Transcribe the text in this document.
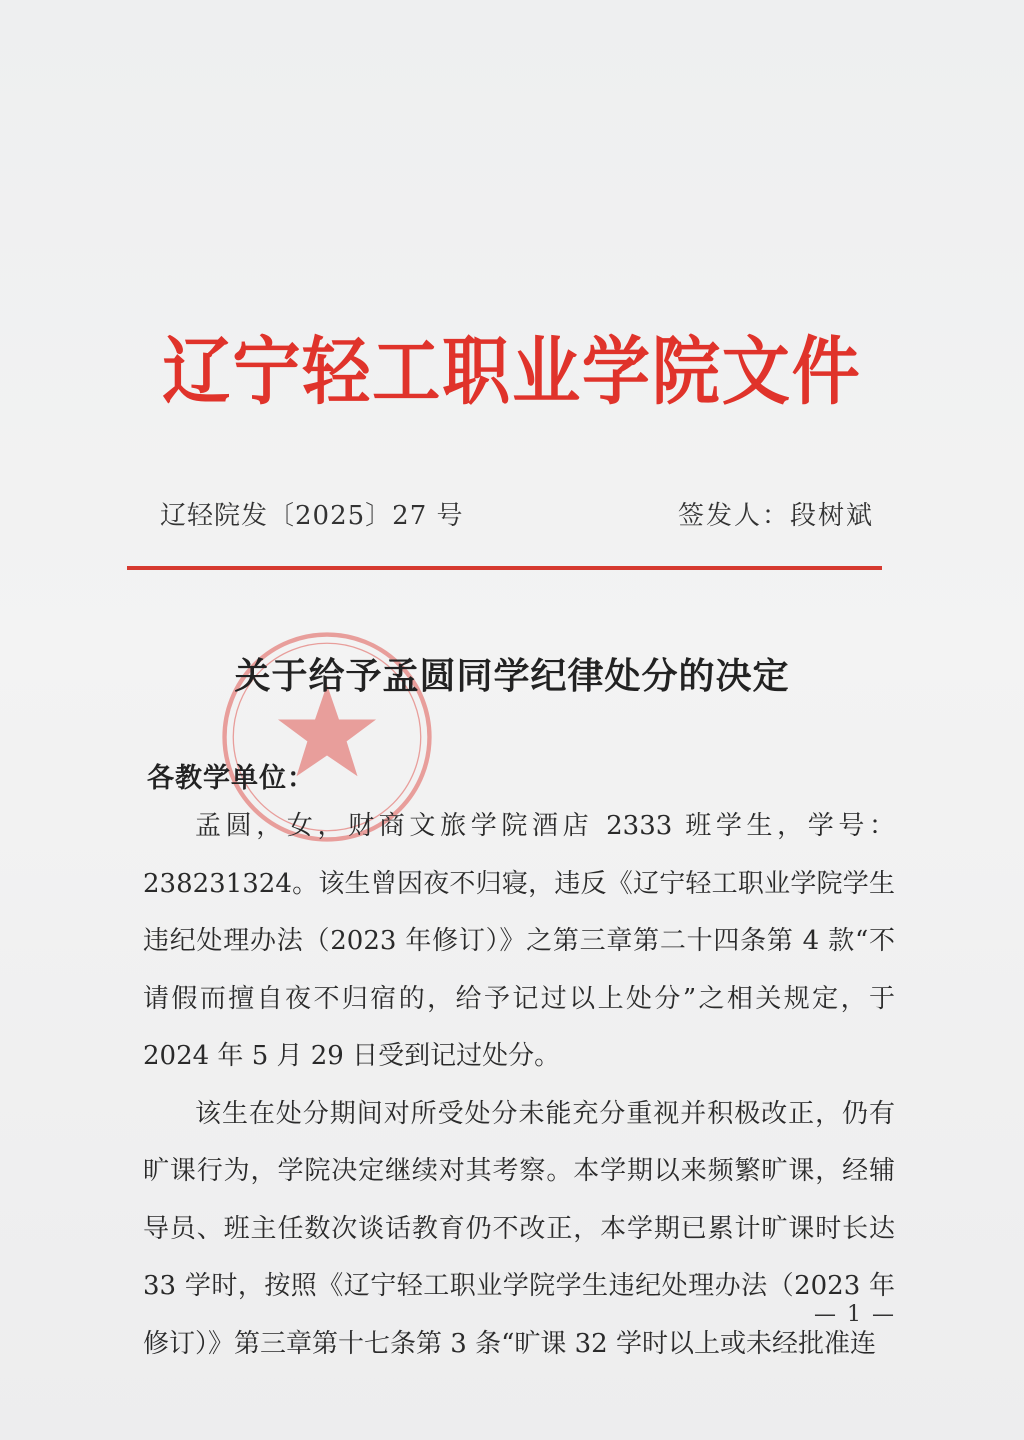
辽宁轻工职业学院文件
辽轻院发〔2025〕27 号	签发人：段树斌
关于给予孟圆同学纪律处分的决定
各教学单位：

孟圆，女，财商文旅学院酒店 2333 班学生，学号：238231324。该生曾因夜不归寝，违反《辽宁轻工职业学院学生违纪处理办法（2023 年修订）》之第三章第二十四条第 4 款“不请假而擅自夜不归宿的，给予记过以上处分”之相关规定，于 2024 年 5 月 29 日受到记过处分。

该生在处分期间对所受处分未能充分重视并积极改正，仍有旷课行为，学院决定继续对其考察。本学期以来频繁旷课，经辅导员、班主任数次谈话教育仍不改正，本学期已累计旷课时长达 33 学时，按照《辽宁轻工职业学院学生违纪处理办法（2023 年修订）》第三章第十七条第 3 条“旷课 32 学时以上或未经批准连

— 1 —
